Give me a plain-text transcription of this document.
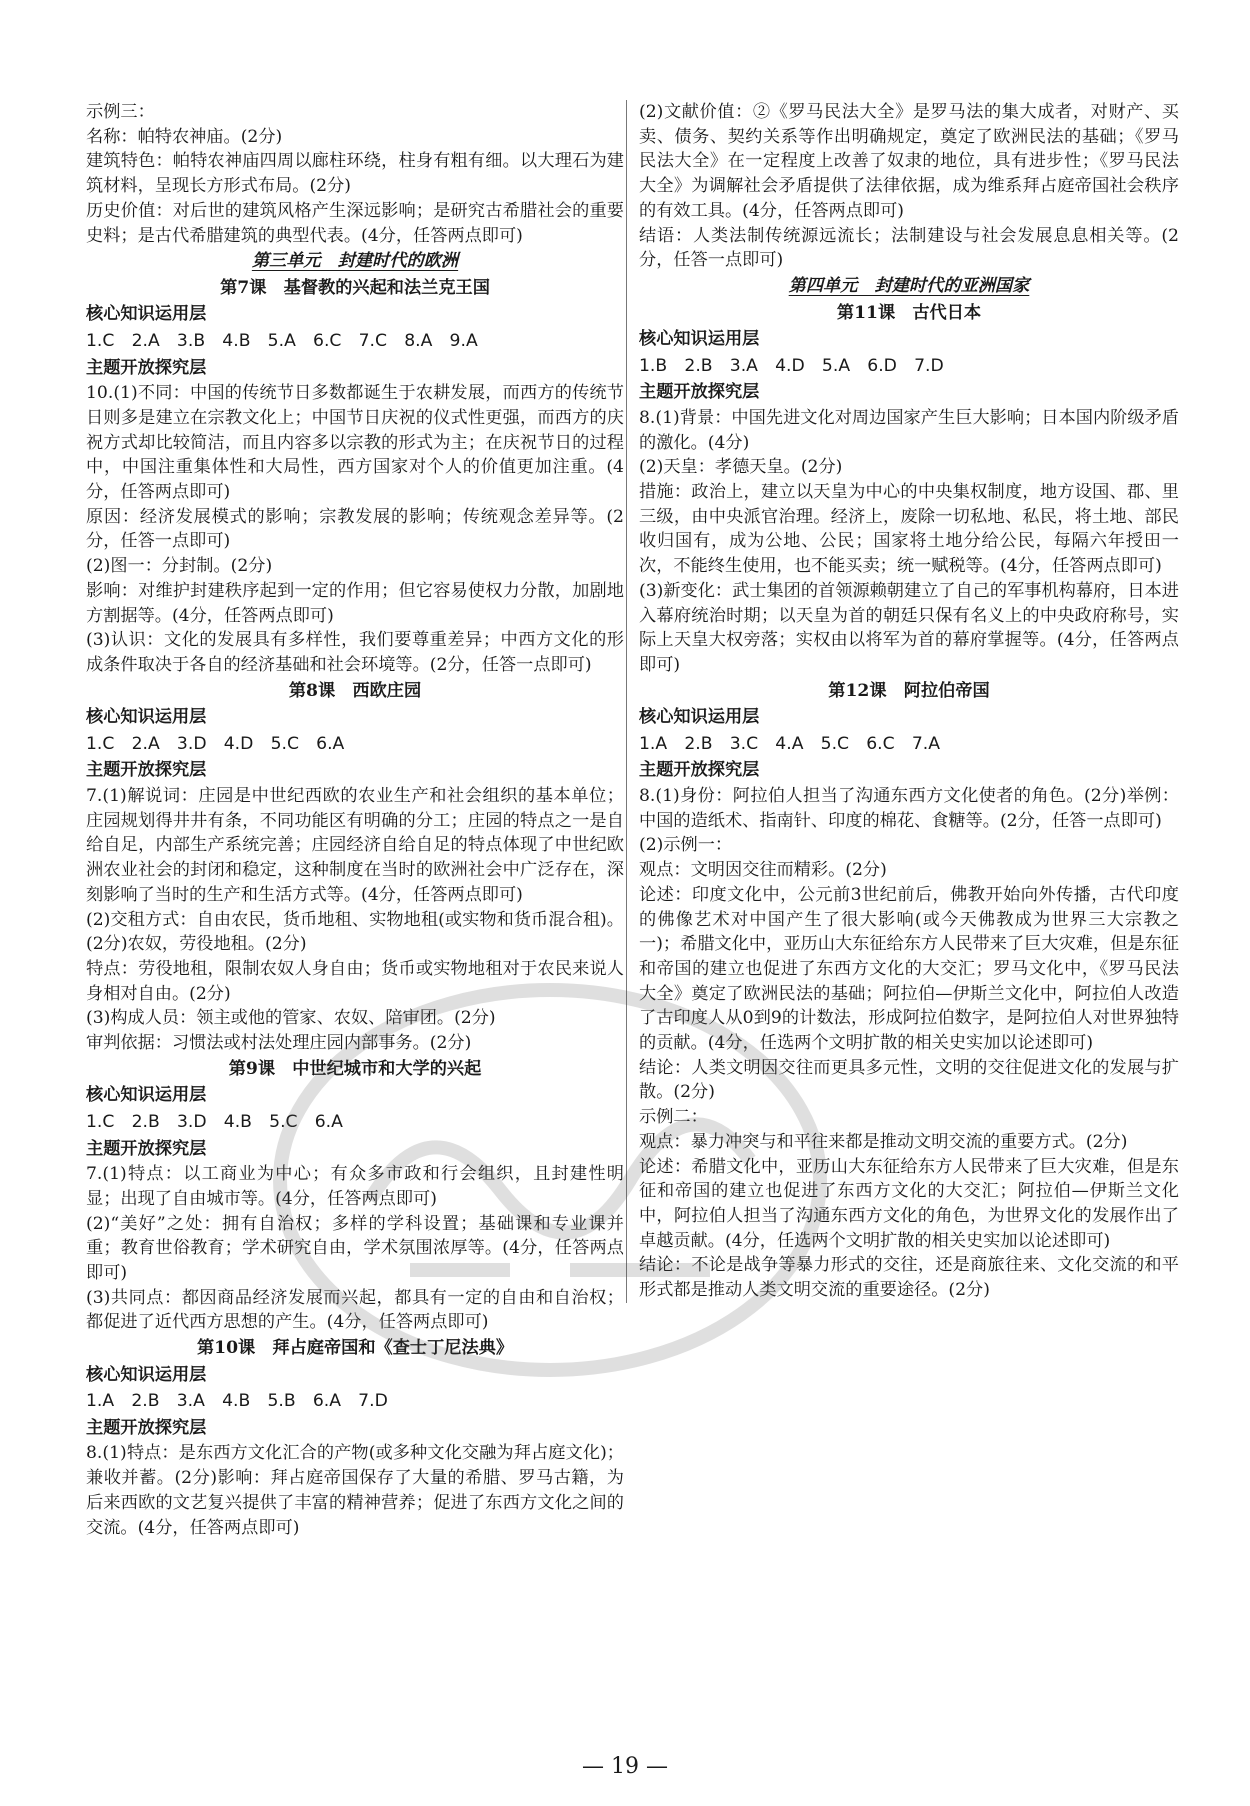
示例三：

名称：帕特农神庙。(2分)

建筑特色：帕特农神庙四周以廊柱环绕，柱身有粗有细。以大理石为建筑材料，呈现长方形式布局。(2分)

历史价值：对后世的建筑风格产生深远影响；是研究古希腊社会的重要史料；是古代希腊建筑的典型代表。(4分，任答两点即可)

第三单元　封建时代的欧洲

第7课　基督教的兴起和法兰克王国

核心知识运用层

1.C　2.A　3.B　4.B　5.A　6.C　7.C　8.A　9.A

主题开放探究层

10.(1)不同：中国的传统节日多数都诞生于农耕发展，而西方的传统节日则多是建立在宗教文化上；中国节日庆祝的仪式性更强，而西方的庆祝方式却比较简洁，而且内容多以宗教的形式为主；在庆祝节日的过程中，中国注重集体性和大局性，西方国家对个人的价值更加注重。(4分，任答两点即可)

原因：经济发展模式的影响；宗教发展的影响；传统观念差异等。(2分，任答一点即可)

(2)图一：分封制。(2分)

影响：对维护封建秩序起到一定的作用；但它容易使权力分散，加剧地方割据等。(4分，任答两点即可)

(3)认识：文化的发展具有多样性，我们要尊重差异；中西方文化的形成条件取决于各自的经济基础和社会环境等。(2分，任答一点即可)

第8课　西欧庄园

核心知识运用层

1.C　2.A　3.D　4.D　5.C　6.A

主题开放探究层

7.(1)解说词：庄园是中世纪西欧的农业生产和社会组织的基本单位；庄园规划得井井有条，不同功能区有明确的分工；庄园的特点之一是自给自足，内部生产系统完善；庄园经济自给自足的特点体现了中世纪欧洲农业社会的封闭和稳定，这种制度在当时的欧洲社会中广泛存在，深刻影响了当时的生产和生活方式等。(4分，任答两点即可)

(2)交租方式：自由农民，货币地租、实物地租(或实物和货币混合租)。(2分)农奴，劳役地租。(2分)

特点：劳役地租，限制农奴人身自由；货币或实物地租对于农民来说人身相对自由。(2分)

(3)构成人员：领主或他的管家、农奴、陪审团。(2分)

审判依据：习惯法或村法处理庄园内部事务。(2分)

第9课　中世纪城市和大学的兴起

核心知识运用层

1.C　2.B　3.D　4.B　5.C　6.A

主题开放探究层

7.(1)特点：以工商业为中心；有众多市政和行会组织，且封建性明显；出现了自由城市等。(4分，任答两点即可)

(2)“美好”之处：拥有自治权；多样的学科设置；基础课和专业课并重；教育世俗教育；学术研究自由，学术氛围浓厚等。(4分，任答两点即可)

(3)共同点：都因商品经济发展而兴起，都具有一定的自由和自治权；都促进了近代西方思想的产生。(4分，任答两点即可)

第10课　拜占庭帝国和《查士丁尼法典》

核心知识运用层

1.A　2.B　3.A　4.B　5.B　6.A　7.D

主题开放探究层

8.(1)特点：是东西方文化汇合的产物(或多种文化交融为拜占庭文化)；兼收并蓄。(2分)影响：拜占庭帝国保存了大量的希腊、罗马古籍，为后来西欧的文艺复兴提供了丰富的精神营养；促进了东西方文化之间的交流。(4分，任答两点即可)

(2)文献价值：②《罗马民法大全》是罗马法的集大成者，对财产、买卖、债务、契约关系等作出明确规定，奠定了欧洲民法的基础；《罗马民法大全》在一定程度上改善了奴隶的地位，具有进步性；《罗马民法大全》为调解社会矛盾提供了法律依据，成为维系拜占庭帝国社会秩序的有效工具。(4分，任答两点即可)

结语：人类法制传统源远流长；法制建设与社会发展息息相关等。(2分，任答一点即可)

第四单元　封建时代的亚洲国家

第11课　古代日本

核心知识运用层

1.B　2.B　3.A　4.D　5.A　6.D　7.D

主题开放探究层

8.(1)背景：中国先进文化对周边国家产生巨大影响；日本国内阶级矛盾的激化。(4分)

(2)天皇：孝德天皇。(2分)

措施：政治上，建立以天皇为中心的中央集权制度，地方设国、郡、里三级，由中央派官治理。经济上，废除一切私地、私民，将土地、部民收归国有，成为公地、公民；国家将土地分给公民，每隔六年授田一次，不能终生使用，也不能买卖；统一赋税等。(4分，任答两点即可)

(3)新变化：武士集团的首领源赖朝建立了自己的军事机构幕府，日本进入幕府统治时期；以天皇为首的朝廷只保有名义上的中央政府称号，实际上天皇大权旁落；实权由以将军为首的幕府掌握等。(4分，任答两点即可)

第12课　阿拉伯帝国

核心知识运用层

1.A　2.B　3.C　4.A　5.C　6.C　7.A

主题开放探究层

8.(1)身份：阿拉伯人担当了沟通东西方文化使者的角色。(2分)举例：中国的造纸术、指南针、印度的棉花、食糖等。(2分，任答一点即可)

(2)示例一：

观点：文明因交往而精彩。(2分)

论述：印度文化中，公元前3世纪前后，佛教开始向外传播，古代印度的佛像艺术对中国产生了很大影响(或今天佛教成为世界三大宗教之一)；希腊文化中，亚历山大东征给东方人民带来了巨大灾难，但是东征和帝国的建立也促进了东西方文化的大交汇；罗马文化中，《罗马民法大全》奠定了欧洲民法的基础；阿拉伯—伊斯兰文化中，阿拉伯人改造了古印度人从0到9的计数法，形成阿拉伯数字，是阿拉伯人对世界独特的贡献。(4分，任选两个文明扩散的相关史实加以论述即可)

结论：人类文明因交往而更具多元性，文明的交往促进文化的发展与扩散。(2分)

示例二：

观点：暴力冲突与和平往来都是推动文明交流的重要方式。(2分)

论述：希腊文化中，亚历山大东征给东方人民带来了巨大灾难，但是东征和帝国的建立也促进了东西方文化的大交汇；阿拉伯—伊斯兰文化中，阿拉伯人担当了沟通东西方文化的角色，为世界文化的发展作出了卓越贡献。(4分，任选两个文明扩散的相关史实加以论述即可)

结论：不论是战争等暴力形式的交往，还是商旅往来、文化交流的和平形式都是推动人类文明交流的重要途径。(2分)

— 19 —
